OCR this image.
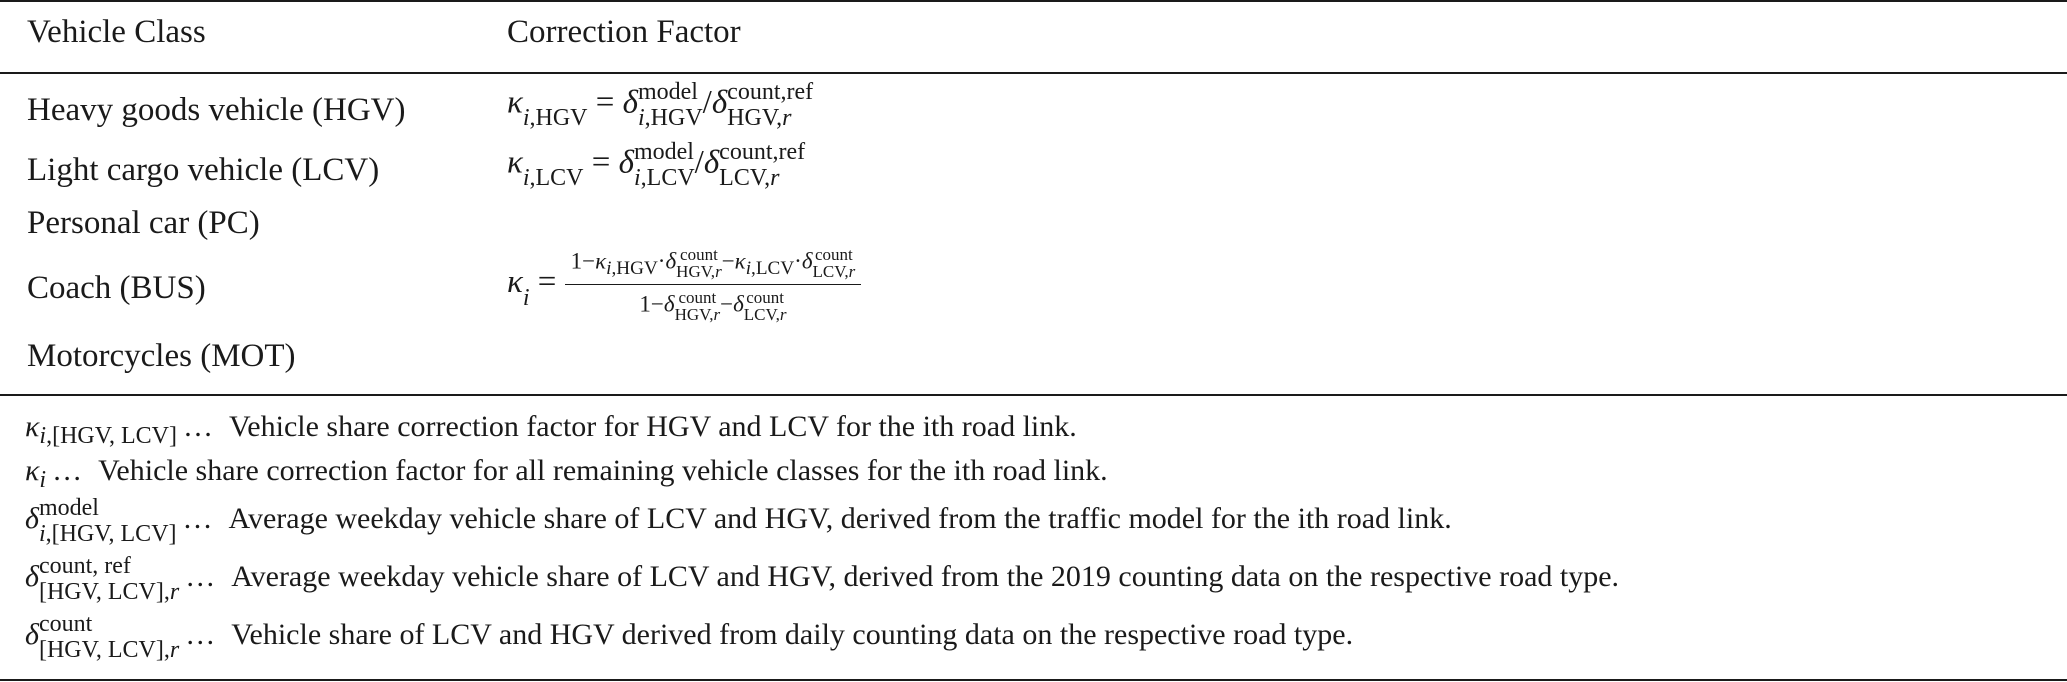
Vehicle Class	Correction Factor
Heavy goods vehicle (HGV)
Light cargo vehicle (LCV)
Personal car (PC)
Coach (BUS)
Motorcycles (MOT)
κ
i,HGV = δ model
i,HGV /δ count,ref
HGV,r
κ
i,LCV = δ model
i,LCV /δ count,ref
LCV,r
κ
$i = 1-\kappa_{i,HGV}\cdot\delta$ count
$HGV,r -\kappa_{i,LCV}\cdot\delta$ count
LCV,r
1−δ count
HGV,r −δ count
LCV,r
$\kappa_{i,[HGV, LCV]}$ … Vehicle share correction factor for HGV and LCV for the ith road link.
$\kappa_i$ … Vehicle share correction factor for all remaining vehicle classes for the ith road link.
δ model
i,[HGV, LCV] … Average weekday vehicle share of LCV and HGV, derived from the traffic model for the ith road link.
δ count, ref
[HGV, LCV],r … Average weekday vehicle share of LCV and HGV, derived from the 2019 counting data on the respective road type.
δ count
[HGV, LCV],r … Vehicle share of LCV and HGV derived from daily counting data on the respective road type.
